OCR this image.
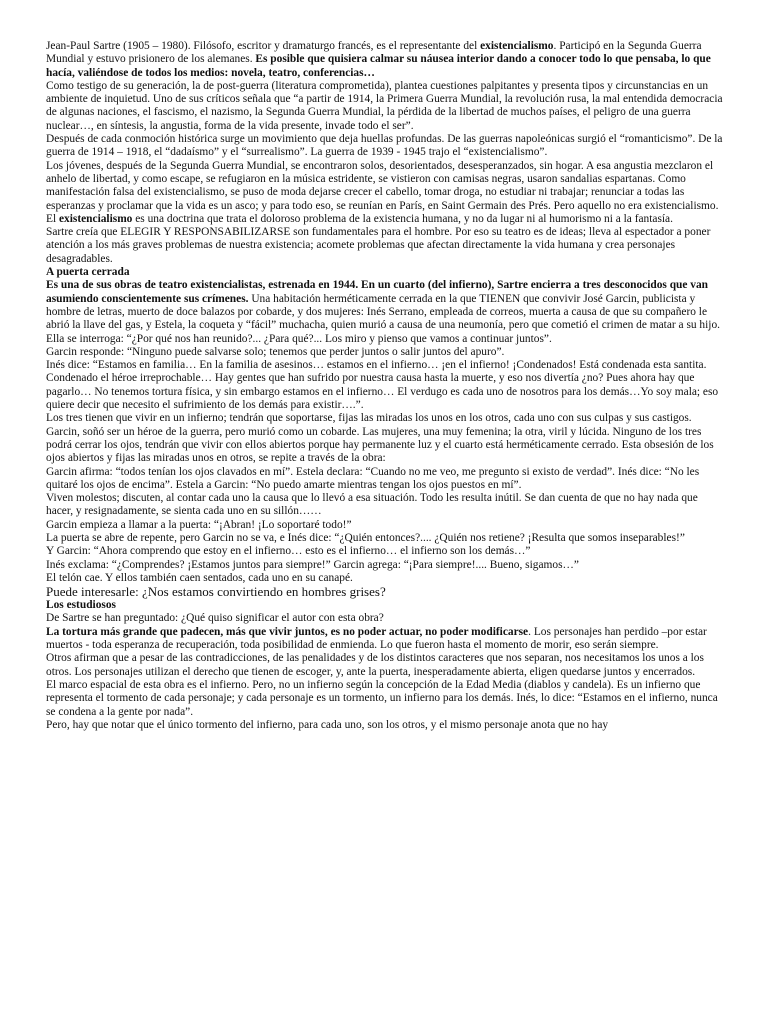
Jean-Paul Sartre (1905 – 1980). Filósofo, escritor y dramaturgo francés, es el representante del existencialismo. Participó en la Segunda Guerra Mundial y estuvo prisionero de los alemanes. Es posible que quisiera calmar su náusea interior dando a conocer todo lo que pensaba, lo que hacía, valiéndose de todos los medios: novela, teatro, conferencias…

Como testigo de su generación, la de post-guerra (literatura comprometida), plantea cuestiones palpitantes y presenta tipos y circunstancias en un ambiente de inquietud. Uno de sus críticos señala que “a partir de 1914, la Primera Guerra Mundial, la revolución rusa, la mal entendida democracia de algunas naciones, el fascismo, el nazismo, la Segunda Guerra Mundial, la pérdida de la libertad de muchos países, el peligro de una guerra nuclear…, en síntesis, la angustia, forma de la vida presente, invade todo el ser”.

Después de cada conmoción histórica surge un movimiento que deja huellas profundas. De las guerras napoleónicas surgió el “romanticismo”. De la guerra de 1914 – 1918, el “dadaísmo” y el “surrealismo”. La guerra de 1939 - 1945 trajo el “existencialismo”.

Los jóvenes, después de la Segunda Guerra Mundial, se encontraron solos, desorientados, desesperanzados, sin hogar. A esa angustia mezclaron el anhelo de libertad, y como escape, se refugiaron en la música estridente, se vistieron con camisas negras, usaron sandalias espartanas. Como manifestación falsa del existencialismo, se puso de moda dejarse crecer el cabello, tomar droga, no estudiar ni trabajar; renunciar a todas las esperanzas y proclamar que la vida es un asco; y para todo eso, se reunían en París, en Saint Germain des Prés. Pero aquello no era existencialismo.

El existencialismo es una doctrina que trata el doloroso problema de la existencia humana, y no da lugar ni al humorismo ni a la fantasía.

Sartre creía que ELEGIR Y RESPONSABILIZARSE son fundamentales para el hombre. Por eso su teatro es de ideas; lleva al espectador a poner atención a los más graves problemas de nuestra existencia; acomete problemas que afectan directamente la vida humana y crea personajes desagradables.

A puerta cerrada

Es una de sus obras de teatro existencialistas, estrenada en 1944. En un cuarto (del infierno), Sartre encierra a tres desconocidos que van asumiendo conscientemente sus crímenes. Una habitación herméticamente cerrada en la que TIENEN que convivir José Garcin, publicista y hombre de letras, muerto de doce balazos por cobarde, y dos mujeres: Inés Serrano, empleada de correos, muerta a causa de que su compañero le abrió la llave del gas, y Estela, la coqueta y “fácil” muchacha, quien murió a causa de una neumonía, pero que cometió el crimen de matar a su hijo. Ella se interroga: “¿Por qué nos han reunido?... ¿Para qué?... Los miro y pienso que vamos a continuar juntos”.

Garcin responde: “Ninguno puede salvarse solo; tenemos que perder juntos o salir juntos del apuro”.

Inés dice: “Estamos en familia… En la familia de asesinos… estamos en el infierno… ¡en el infierno! ¡Condenados! Está condenada esta santita. Condenado el héroe irreprochable… Hay gentes que han sufrido por nuestra causa hasta la muerte, y eso nos divertía ¿no? Pues ahora hay que pagarlo… No tenemos tortura física, y sin embargo estamos en el infierno… El verdugo es cada uno de nosotros para los demás…Yo soy mala; eso quiere decir que necesito el sufrimiento de los demás para existir….”.

Los tres tienen que vivir en un infierno; tendrán que soportarse, fijas las miradas los unos en los otros, cada uno con sus culpas y sus castigos. Garcin, soñó ser un héroe de la guerra, pero murió como un cobarde. Las mujeres, una muy femenina; la otra, viril y lúcida. Ninguno de los tres podrá cerrar los ojos, tendrán que vivir con ellos abiertos porque hay permanente luz y el cuarto está herméticamente cerrado. Esta obsesión de los ojos abiertos y fijas las miradas unos en otros, se repite a través de la obra:

Garcin afirma: “todos tenían los ojos clavados en mí”. Estela declara: “Cuando no me veo, me pregunto si existo de verdad”. Inés dice: “No les quitaré los ojos de encima”. Estela a Garcin: “No puedo amarte mientras tengan los ojos puestos en mí”.

Viven molestos; discuten, al contar cada uno la causa que lo llevó a esa situación. Todo les resulta inútil. Se dan cuenta de que no hay nada que hacer, y resignadamente, se sienta cada uno en su sillón……

Garcin empieza a llamar a la puerta: “¡Abran! ¡Lo soportaré todo!”

La puerta se abre de repente, pero Garcin no se va, e Inés dice: “¿Quién entonces?.... ¿Quién nos retiene? ¡Resulta que somos inseparables!”

Y Garcin: “Ahora comprendo que estoy en el infierno… esto es el infierno… el infierno son los demás…”

Inés exclama: “¿Comprendes? ¡Estamos juntos para siempre!” Garcin agrega: “¡Para siempre!.... Bueno, sigamos…”

El telón cae. Y ellos también caen sentados, cada uno en su canapé.

Puede interesarle: ¿Nos estamos convirtiendo en hombres grises?

Los estudiosos

De Sartre se han preguntado: ¿Qué quiso significar el autor con esta obra?

La tortura más grande que padecen, más que vivir juntos, es no poder actuar, no poder modificarse. Los personajes han perdido –por estar muertos - toda esperanza de recuperación, toda posibilidad de enmienda. Lo que fueron hasta el momento de morir, eso serán siempre.

Otros afirman que a pesar de las contradicciones, de las penalidades y de los distintos caracteres que nos separan, nos necesitamos los unos a los otros. Los personajes utilizan el derecho que tienen de escoger, y, ante la puerta, inesperadamente abierta, eligen quedarse juntos y encerrados.

El marco espacial de esta obra es el infierno. Pero, no un infierno según la concepción de la Edad Media (diablos y candela). Es un infierno que representa el tormento de cada personaje; y cada personaje es un tormento, un infierno para los demás. Inés, lo dice: “Estamos en el infierno, nunca se condena a la gente por nada”.

Pero, hay que notar que el único tormento del infierno, para cada uno, son los otros, y el mismo personaje anota que no hay
